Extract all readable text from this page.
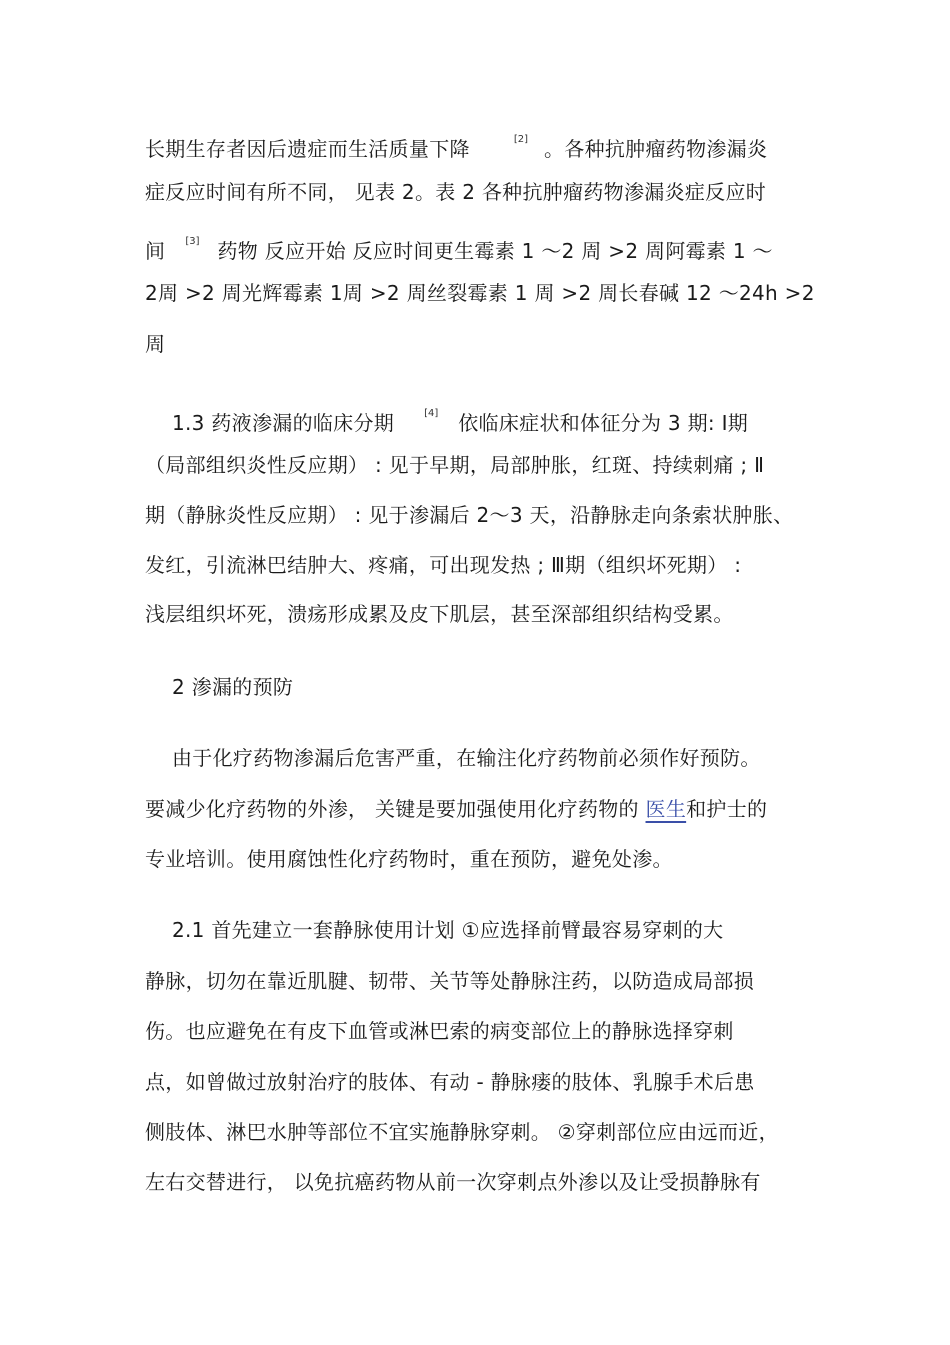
长期生存者因后遗症而生活质量下降	[2] 。各种抗肿瘤药物渗漏炎
症反应时间有所不同， 见表 2。表 2 各种抗肿瘤药物渗漏炎症反应时
间 [3] 药物 反应开始 反应时间更生霉素 1 ～2 周 >2 周阿霉素 1 ～
2周 >2 周光辉霉素 1周 >2 周丝裂霉素 1 周 >2 周长春碱 12 ～24h >2
周
1.3 药液渗漏的临床分期	[4] 依临床症状和体征分为 3 期: Ⅰ期
（局部组织炎性反应期） : 见于早期，局部肿胀，红斑、持续刺痛 ; Ⅱ
期（静脉炎性反应期） : 见于渗漏后 2～3 天，沿静脉走向条索状肿胀、
发红，引流淋巴结肿大、疼痛，可出现发热 ; Ⅲ期（组织坏死期） :
浅层组织坏死，溃疡形成累及皮下肌层，甚至深部组织结构受累。
2 渗漏的预防
由于化疗药物渗漏后危害严重，在输注化疗药物前必须作好预防。
要减少化疗药物的外渗， 关键是要加强使用化疗药物的 医生和护士的
专业培训。使用腐蚀性化疗药物时，重在预防，避免处渗。
2.1 首先建立一套静脉使用计划 ①应选择前臂最容易穿刺的大
静脉，切勿在靠近肌腱、韧带、关节等处静脉注药，以防造成局部损
伤。也应避免在有皮下血管或淋巴索的病变部位上的静脉选择穿刺
点，如曾做过放射治疗的肢体、有动 - 静脉瘘的肢体、乳腺手术后患
侧肢体、淋巴水肿等部位不宜实施静脉穿刺。 ②穿刺部位应由远而近，
左右交替进行， 以免抗癌药物从前一次穿刺点外渗以及让受损静脉有
